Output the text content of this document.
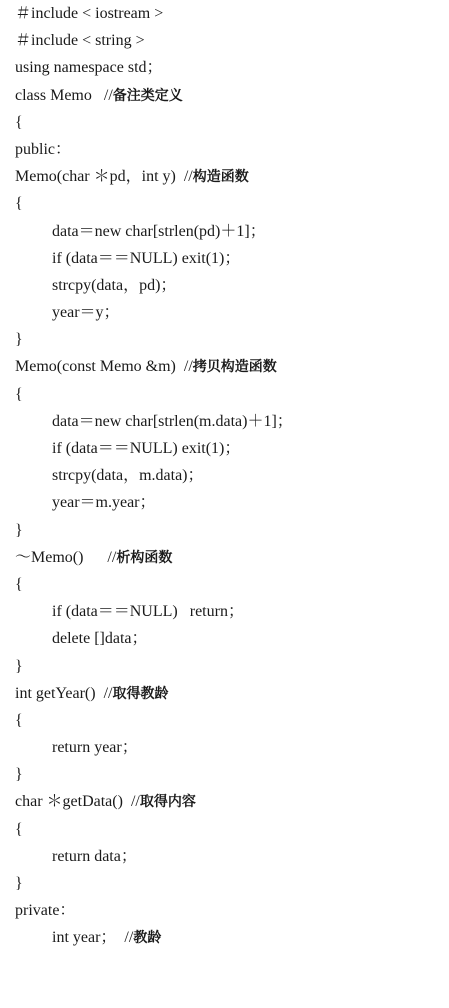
＃include < iostream >
＃include < string >
using namespace std；
class Memo   //备注类定义
{
public：
Memo(char ＊pd，int y)  //构造函数
{
data＝new char[strlen(pd)＋1]；
if (data＝＝NULL) exit(1)；
strcpy(data，pd)；
year＝y；
}
Memo(const Memo &m)  //拷贝构造函数
{
data＝new char[strlen(m.data)＋1]；
if (data＝＝NULL) exit(1)；
strcpy(data，m.data)；
year＝m.year；
}
～Memo()      //析构函数
{
if (data＝＝NULL)   return；
delete []data；
}
int getYear()  //取得教龄
{
return year；
}
char ＊getData()  //取得内容
{
return data；
}
private：
int year；  //教龄
